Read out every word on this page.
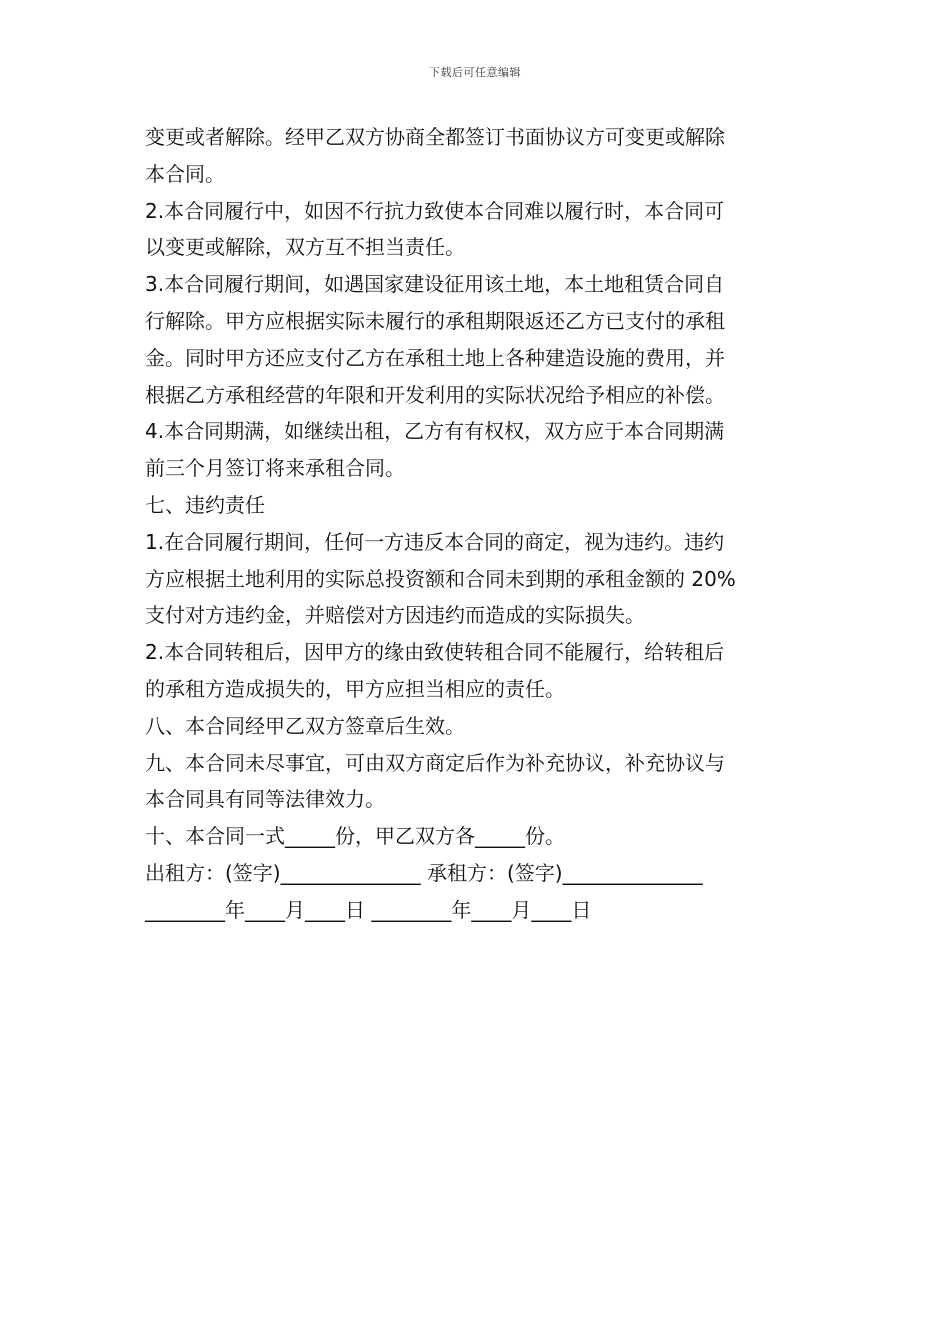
下载后可任意编辑
变更或者解除。经甲乙双方协商全都签订书面协议方可变更或解除
本合同。
2.本合同履行中，如因不行抗力致使本合同难以履行时，本合同可
以变更或解除，双方互不担当责任。
3.本合同履行期间，如遇国家建设征用该土地，本土地租赁合同自
行解除。甲方应根据实际未履行的承租期限返还乙方已支付的承租
金。同时甲方还应支付乙方在承租土地上各种建造设施的费用，并
根据乙方承租经营的年限和开发利用的实际状况给予相应的补偿。
4.本合同期满，如继续出租，乙方有有权权，双方应于本合同期满
前三个月签订将来承租合同。
七、违约责任
1.在合同履行期间，任何一方违反本合同的商定，视为违约。违约
方应根据土地利用的实际总投资额和合同未到期的承租金额的 20%
支付对方违约金，并赔偿对方因违约而造成的实际损失。
2.本合同转租后，因甲方的缘由致使转租合同不能履行，给转租后
的承租方造成损失的，甲方应担当相应的责任。
八、本合同经甲乙双方签章后生效。
九、本合同未尽事宜，可由双方商定后作为补充协议，补充协议与
本合同具有同等法律效力。
十、本合同一式_____份，甲乙双方各_____份。
出租方：(签字)______________ 承租方：(签字)______________
________年____月____日 ________年____月____日
